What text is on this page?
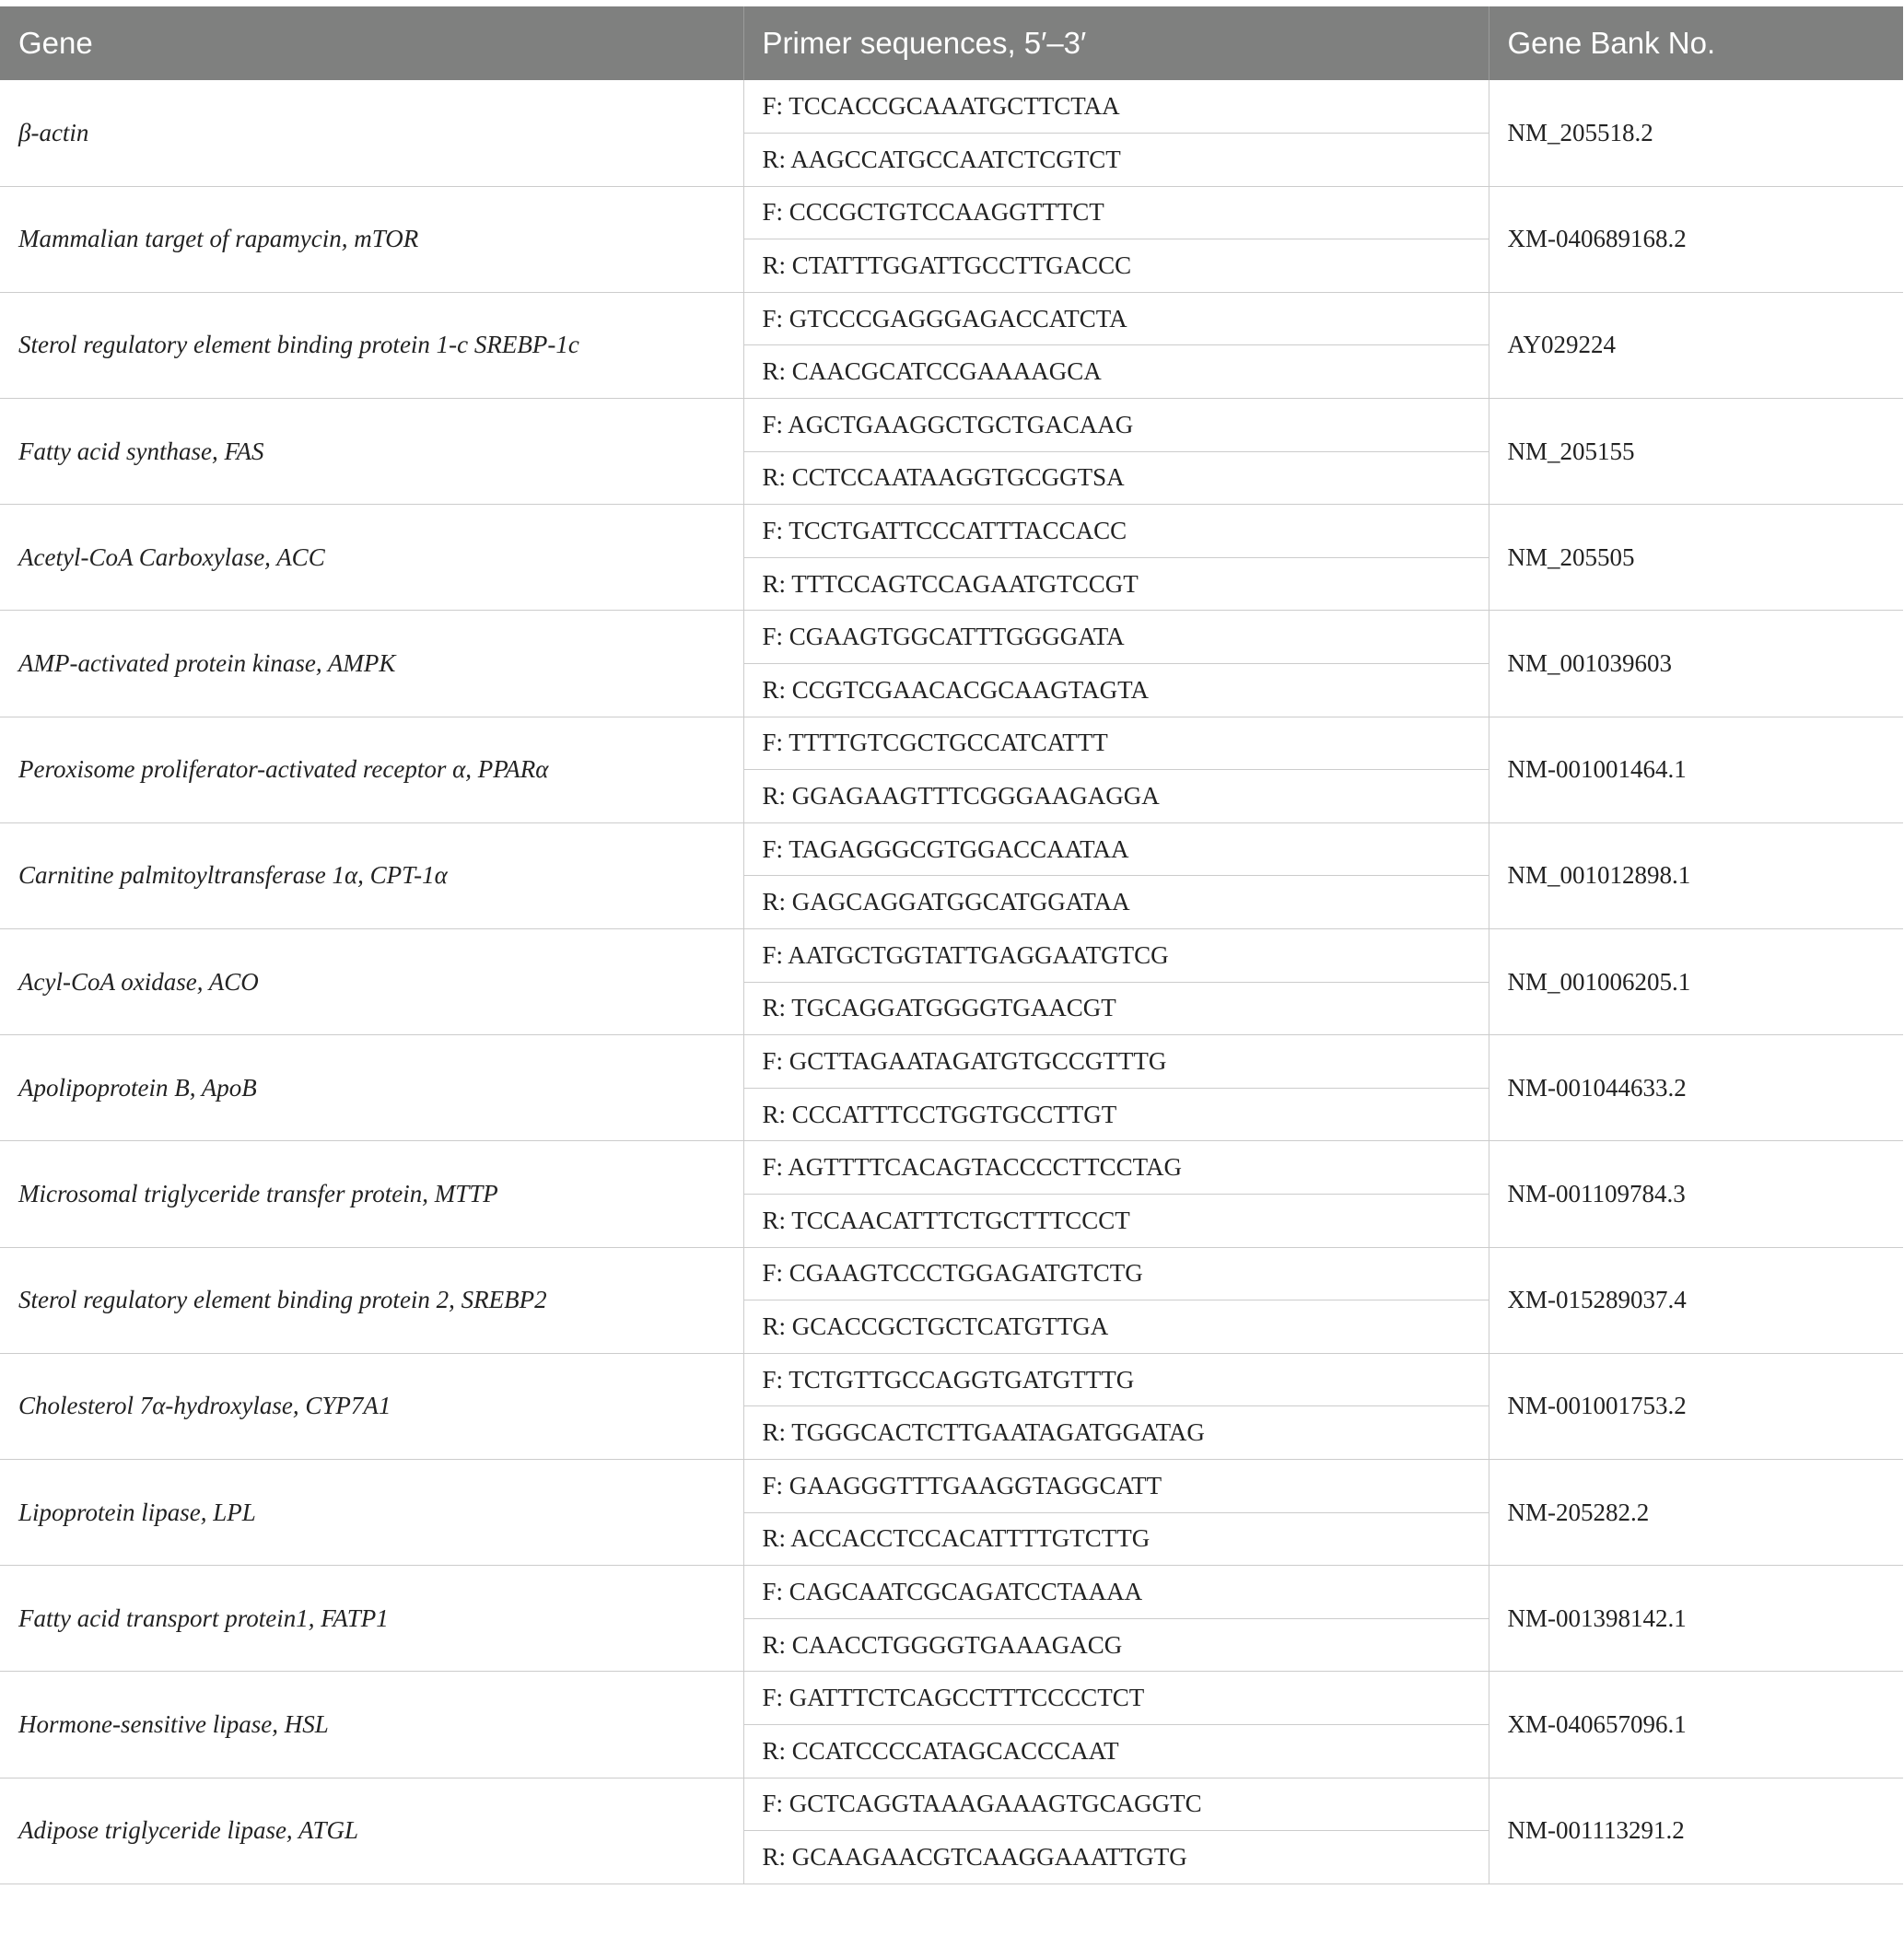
Gene	Primer sequences, 5′–3′	Gene Bank No.
β-actin	F: TCCACCGCAAATGCTTCTAA	NM_205518.2
	R: AAGCCATGCCAATCTCGTCT	
Mammalian target of rapamycin, mTOR	F: CCCGCTGTCCAAGGTTTCT	XM-040689168.2
	R: CTATTTGGATTGCCTTGACCC	
Sterol regulatory element binding protein 1-c SREBP-1c	F: GTCCCGAGGGAGACCATCTA	AY029224
	R: CAACGCATCCGAAAAGCA	
Fatty acid synthase, FAS	F: AGCTGAAGGCTGCTGACAAG	NM_205155
	R: CCTCCAATAAGGTGCGGTSA	
Acetyl-CoA Carboxylase, ACC	F: TCCTGATTCCCATTTACCACC	NM_205505
	R: TTTCCAGTCCAGAATGTCCGT	
AMP-activated protein kinase, AMPK	F: CGAAGTGGCATTTGGGGATA	NM_001039603
	R: CCGTCGAACACGCAAGTAGTA	
Peroxisome proliferator-activated receptor α, PPARα	F: TTTTGTCGCTGCCATCATTT	NM-001001464.1
	R: GGAGAAGTTTCGGGAAGAGGA	
Carnitine palmitoyltransferase 1α, CPT-1α	F: TAGAGGGCGTGGACCAATAA	NM_001012898.1
	R: GAGCAGGATGGCATGGATAA	
Acyl-CoA oxidase, ACO	F: AATGCTGGTATTGAGGAATGTCG	NM_001006205.1
	R: TGCAGGATGGGGTGAACGT	
Apolipoprotein B, ApoB	F: GCTTAGAATAGATGTGCCGTTTG	NM-001044633.2
	R: CCCATTTCCTGGTGCCTTGT	
Microsomal triglyceride transfer protein, MTTP	F: AGTTTTCACAGTACCCCTTCCTAG	NM-001109784.3
	R: TCCAACATTTCTGCTTTCCCT	
Sterol regulatory element binding protein 2, SREBP2	F: CGAAGTCCCTGGAGATGTCTG	XM-015289037.4
	R: GCACCGCTGCTCATGTTGA	
Cholesterol 7α-hydroxylase, CYP7A1	F: TCTGTTGCCAGGTGATGTTTG	NM-001001753.2
	R: TGGGCACTCTTGAATAGATGGATAG	
Lipoprotein lipase, LPL	F: GAAGGGTTTGAAGGTAGGCATT	NM-205282.2
	R: ACCACCTCCACATTTTGTCTTG	
Fatty acid transport protein1, FATP1	F: CAGCAATCGCAGATCCTAAAA	NM-001398142.1
	R: CAACCTGGGGTGAAAGACG	
Hormone-sensitive lipase, HSL	F: GATTTCTCAGCCTTTCCCCTCT	XM-040657096.1
	R: CCATCCCCATAGCACCCAAT	
Adipose triglyceride lipase, ATGL	F: GCTCAGGTAAAGAAAGTGCAGGTC	NM-001113291.2
	R: GCAAGAACGTCAAGGAAATTGTG	
